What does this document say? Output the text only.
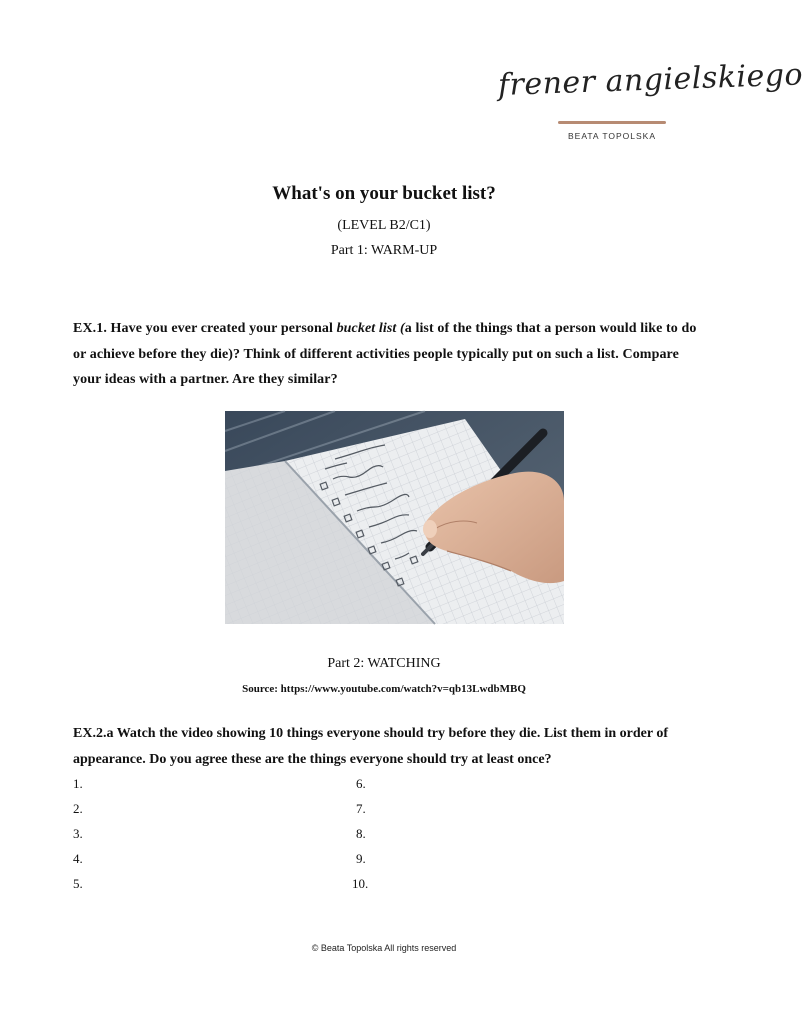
frener angielskiego
BEATA TOPOLSKA
What's on your bucket list?
(LEVEL B2/C1)
Part 1: WARM-UP
EX.1. Have you ever created your personal bucket list (a list of the things that a person would like to do or achieve before they die)? Think of different activities people typically put on such a list. Compare your ideas with a partner. Are they similar?
Part 2: WATCHING
Source: https://www.youtube.com/watch?v=qb13LwdbMBQ
EX.2.a Watch the video showing 10 things everyone should try before they die. List them in order of appearance. Do you agree these are the things everyone should try at least once?
1.
2.
3.
4.
5.
6.
7.
8.
9.
10.
© Beata Topolska All rights reserved
